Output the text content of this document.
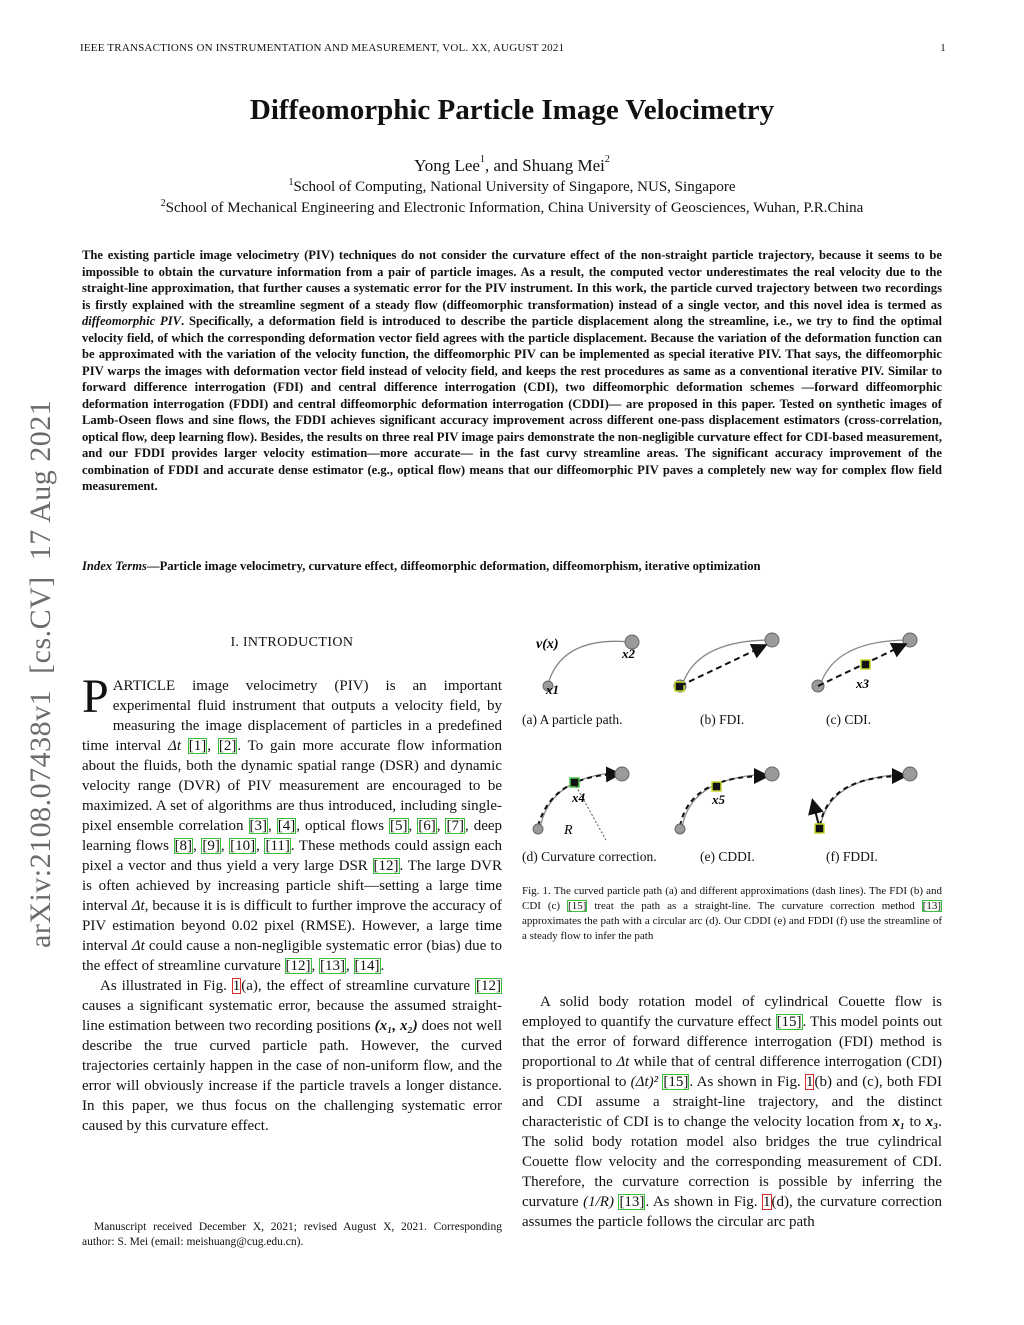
IEEE TRANSACTIONS ON INSTRUMENTATION AND MEASUREMENT, VOL. XX, AUGUST 2021	1
arXiv:2108.07438v1  [cs.CV]  17 Aug 2021
Diffeomorphic Particle Image Velocimetry
Yong Lee$^1$, and Shuang Mei$^2$
$^1$School of Computing, National University of Singapore, NUS, Singapore
$^2$School of Mechanical Engineering and Electronic Information, China University of Geosciences, Wuhan, P.R.China
The existing particle image velocimetry (PIV) techniques do not consider the curvature effect of the non-straight particle trajectory, because it seems to be impossible to obtain the curvature information from a pair of particle images. As a result, the computed vector underestimates the real velocity due to the straight-line approximation, that further causes a systematic error for the PIV instrument. In this work, the particle curved trajectory between two recordings is firstly explained with the streamline segment of a steady flow (diffeomorphic transformation) instead of a single vector, and this novel idea is termed as diffeomorphic PIV. Specifically, a deformation field is introduced to describe the particle displacement along the streamline, i.e., we try to find the optimal velocity field, of which the corresponding deformation vector field agrees with the particle displacement. Because the variation of the deformation function can be approximated with the variation of the velocity function, the diffeomorphic PIV can be implemented as special iterative PIV. That says, the diffeomorphic PIV warps the images with deformation vector field instead of velocity field, and keeps the rest procedures as same as a conventional iterative PIV. Similar to forward difference interrogation (FDI) and central difference interrogation (CDI), two diffeomorphic deformation schemes —forward diffeomorphic deformation interrogation (FDDI) and central diffeomorphic deformation interrogation (CDDI)— are proposed in this paper. Tested on synthetic images of Lamb-Oseen flows and sine flows, the FDDI achieves significant accuracy improvement across different one-pass displacement estimators (cross-correlation, optical flow, deep learning flow). Besides, the results on three real PIV image pairs demonstrate the non-negligible curvature effect for CDI-based measurement, and our FDDI provides larger velocity estimation—more accurate— in the fast curvy streamline areas. The significant accuracy improvement of the combination of FDDI and accurate dense estimator (e.g., optical flow) means that our diffeomorphic PIV paves a completely new way for complex flow field measurement.
Index Terms—Particle image velocimetry, curvature effect, diffeomorphic deformation, diffeomorphism, iterative optimization
I. INTRODUCTION

PARTICLE image velocimetry (PIV) is an important experimental fluid instrument that outputs a velocity field, by measuring the image displacement of particles in a predefined time interval Δt [1], [2]. To gain more accurate flow information about the fluids, both the dynamic spatial range (DSR) and dynamic velocity range (DVR) of PIV measurement are encouraged to be maximized. A set of algorithms are thus introduced, including single-pixel ensemble correlation [3], [4], optical flows [5], [6], [7], deep learning flows [8], [9], [10], [11]. These methods could assign each pixel a vector and thus yield a very large DSR [12]. The large DVR is often achieved by increasing particle shift—setting a large time interval Δt, because it is is difficult to further improve the accuracy of PIV estimation beyond 0.02 pixel (RMSE). However, a large time interval Δt could cause a non-negligible systematic error (bias) due to the effect of streamline curvature [12], [13], [14].

As illustrated in Fig. 1(a), the effect of streamline curvature [12] causes a significant systematic error, because the assumed straight-line estimation between two recording positions (x₁, x₂) does not well describe the true curved particle path. However, the curved trajectories certainly happen in the case of non-uniform flow, and the error will obviously increase if the particle travels a longer distance. In this paper, we thus focus on the challenging systematic error caused by this curvature effect.

Manuscript received December X, 2021; revised August X, 2021. Corresponding author: S. Mei (email: meishuang@cug.edu.cn).
v(x)
x2
x1	x3
x4
R
x5
(a) A particle path.	(b) FDI.	(c) CDI.
(d) Curvature correction.	(e) CDDI.	(f) FDDI.
Fig. 1. The curved particle path (a) and different approximations (dash lines). The FDI (b) and CDI (c) [15] treat the path as a straight-line. The curvature correction method [13] approximates the path with a circular arc (d). Our CDDI (e) and FDDI (f) use the streamline of a steady flow to infer the path

A solid body rotation model of cylindrical Couette flow is employed to quantify the curvature effect [15]. This model points out that the error of forward difference interrogation (FDI) method is proportional to Δt while that of central difference interrogation (CDI) is proportional to (Δt)² [15]. As shown in Fig. 1(b) and (c), both FDI and CDI assume a straight-line trajectory, and the distinct characteristic of CDI is to change the velocity location from x₁ to x₃. The solid body rotation model also bridges the true cylindrical Couette flow velocity and the corresponding measurement of CDI. Therefore, the curvature correction is possible by inferring the curvature (1/R) [13]. As shown in Fig. 1(d), the curvature correction assumes the particle follows the circular arc path
